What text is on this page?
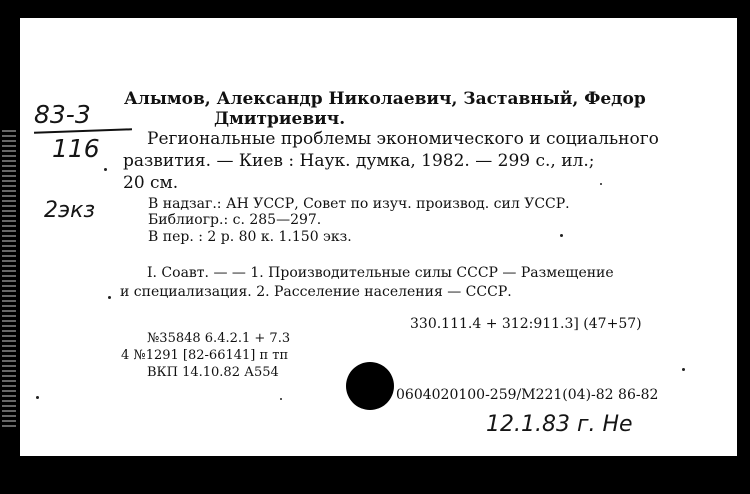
83-3
116
2экз
Алымов, Александр Николаевич, Заставный, Федор
Дмитриевич.
Региональные проблемы экономического и социального
развития. — Киев : Наук. думка, 1982. — 299 с., ил.;
20 см.
В надзаг.: АН УССР, Совет по изуч. производ. сил УССР.
Библиогр.: с. 285—297.
В пер. : 2 р. 80 к. 1.150 экз.
I. Соавт. — — 1. Производительные силы СССР — Размещение
и специализация. 2. Расселение населения — СССР.
330.111.4 + 312:911.3] (47+57)
№35848 6.4.2.1 + 7.3
4 №1291 [82-66141] п тп
ВКП 14.10.82 А554
0604020100-259/М221(04)-82 86-82
12.1.83 г. Не
